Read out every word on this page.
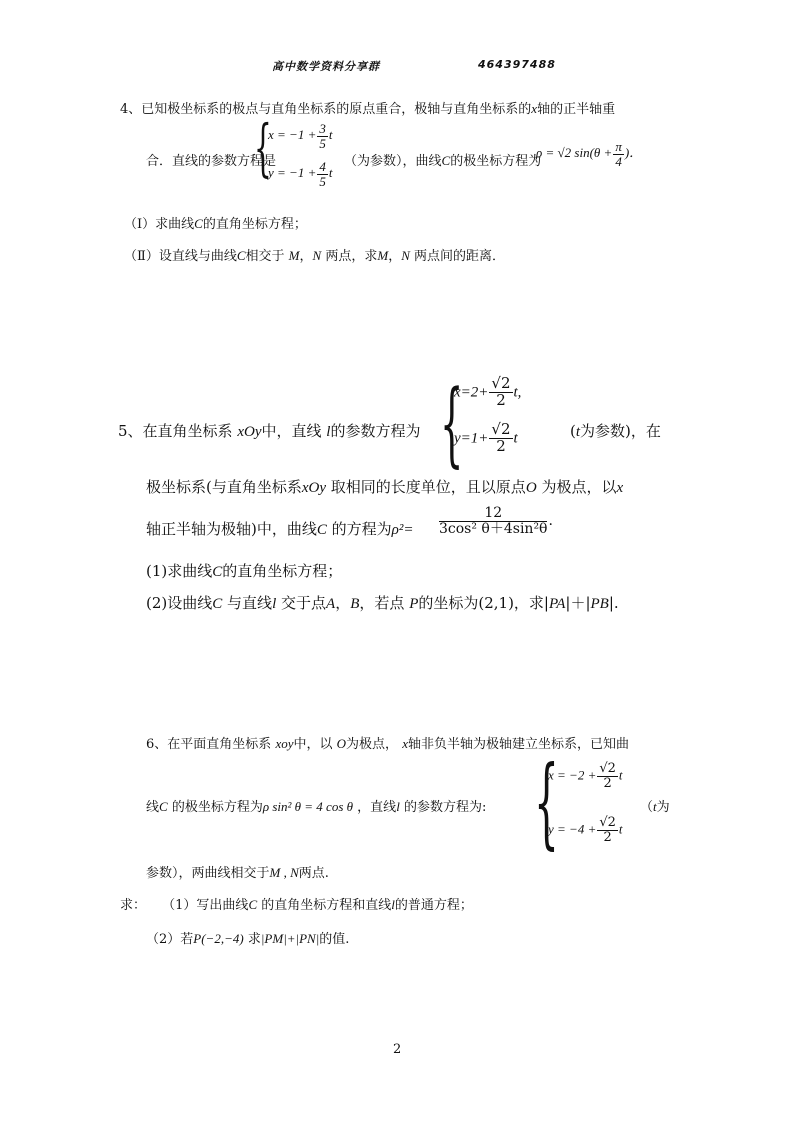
高中数学资料分享群	464397488
4、已知极坐标系的极点与直角坐标系的原点重合，极轴与直角坐标系的x轴的正半轴重
合．直线的参数方程是
{
$x = -1 + \frac{3}{5}$ t
$y = -1 + \frac{4}{5}$ t
（为参数），曲线C的极坐标方程为
ρ = √2 $\sin(\theta + \frac{\pi}{4}$ )．
（Ⅰ）求曲线C的直角坐标方程；
（Ⅱ）设直线与曲线C相交于 M，N 两点，求M，N 两点间的距离．
5、在直角坐标系 xOy中，直线 l的参数方程为 {
$x=2+ \frac{√2}{2} t$,
$y=1+ \frac{√2}{2}$ t	(t为参数)，在
极坐标系(与直角坐标系xOy 取相同的长度单位，且以原点O 为极点，以x
轴正半轴为极轴)中，曲线C 的方程为$\rho^2= \frac{12}{\text{3cos² θ＋4sin²θ}}$ .
(1)求曲线C的直角坐标方程；
(2)设曲线C 与直线l 交于点A，B，若点 P的坐标为(2,1)，求|PA|＋|PB|.
6、在平面直角坐标系 xoy中，以 O为极点， x轴非负半轴为极轴建立坐标系，已知曲
线C 的极坐标方程为ρ sin² θ = 4 cos θ ，直线l 的参数方程为: {
$x = -2 + \frac{√2}{2}$ t
$y = -4 + \frac{√2}{2}$ t
（t为
参数），两曲线相交于M , N两点.
求： （1）写出曲线C 的直角坐标方程和直线l的普通方程；
（2）若P(−2,−4) 求|PM|+|PN|的值.
2
